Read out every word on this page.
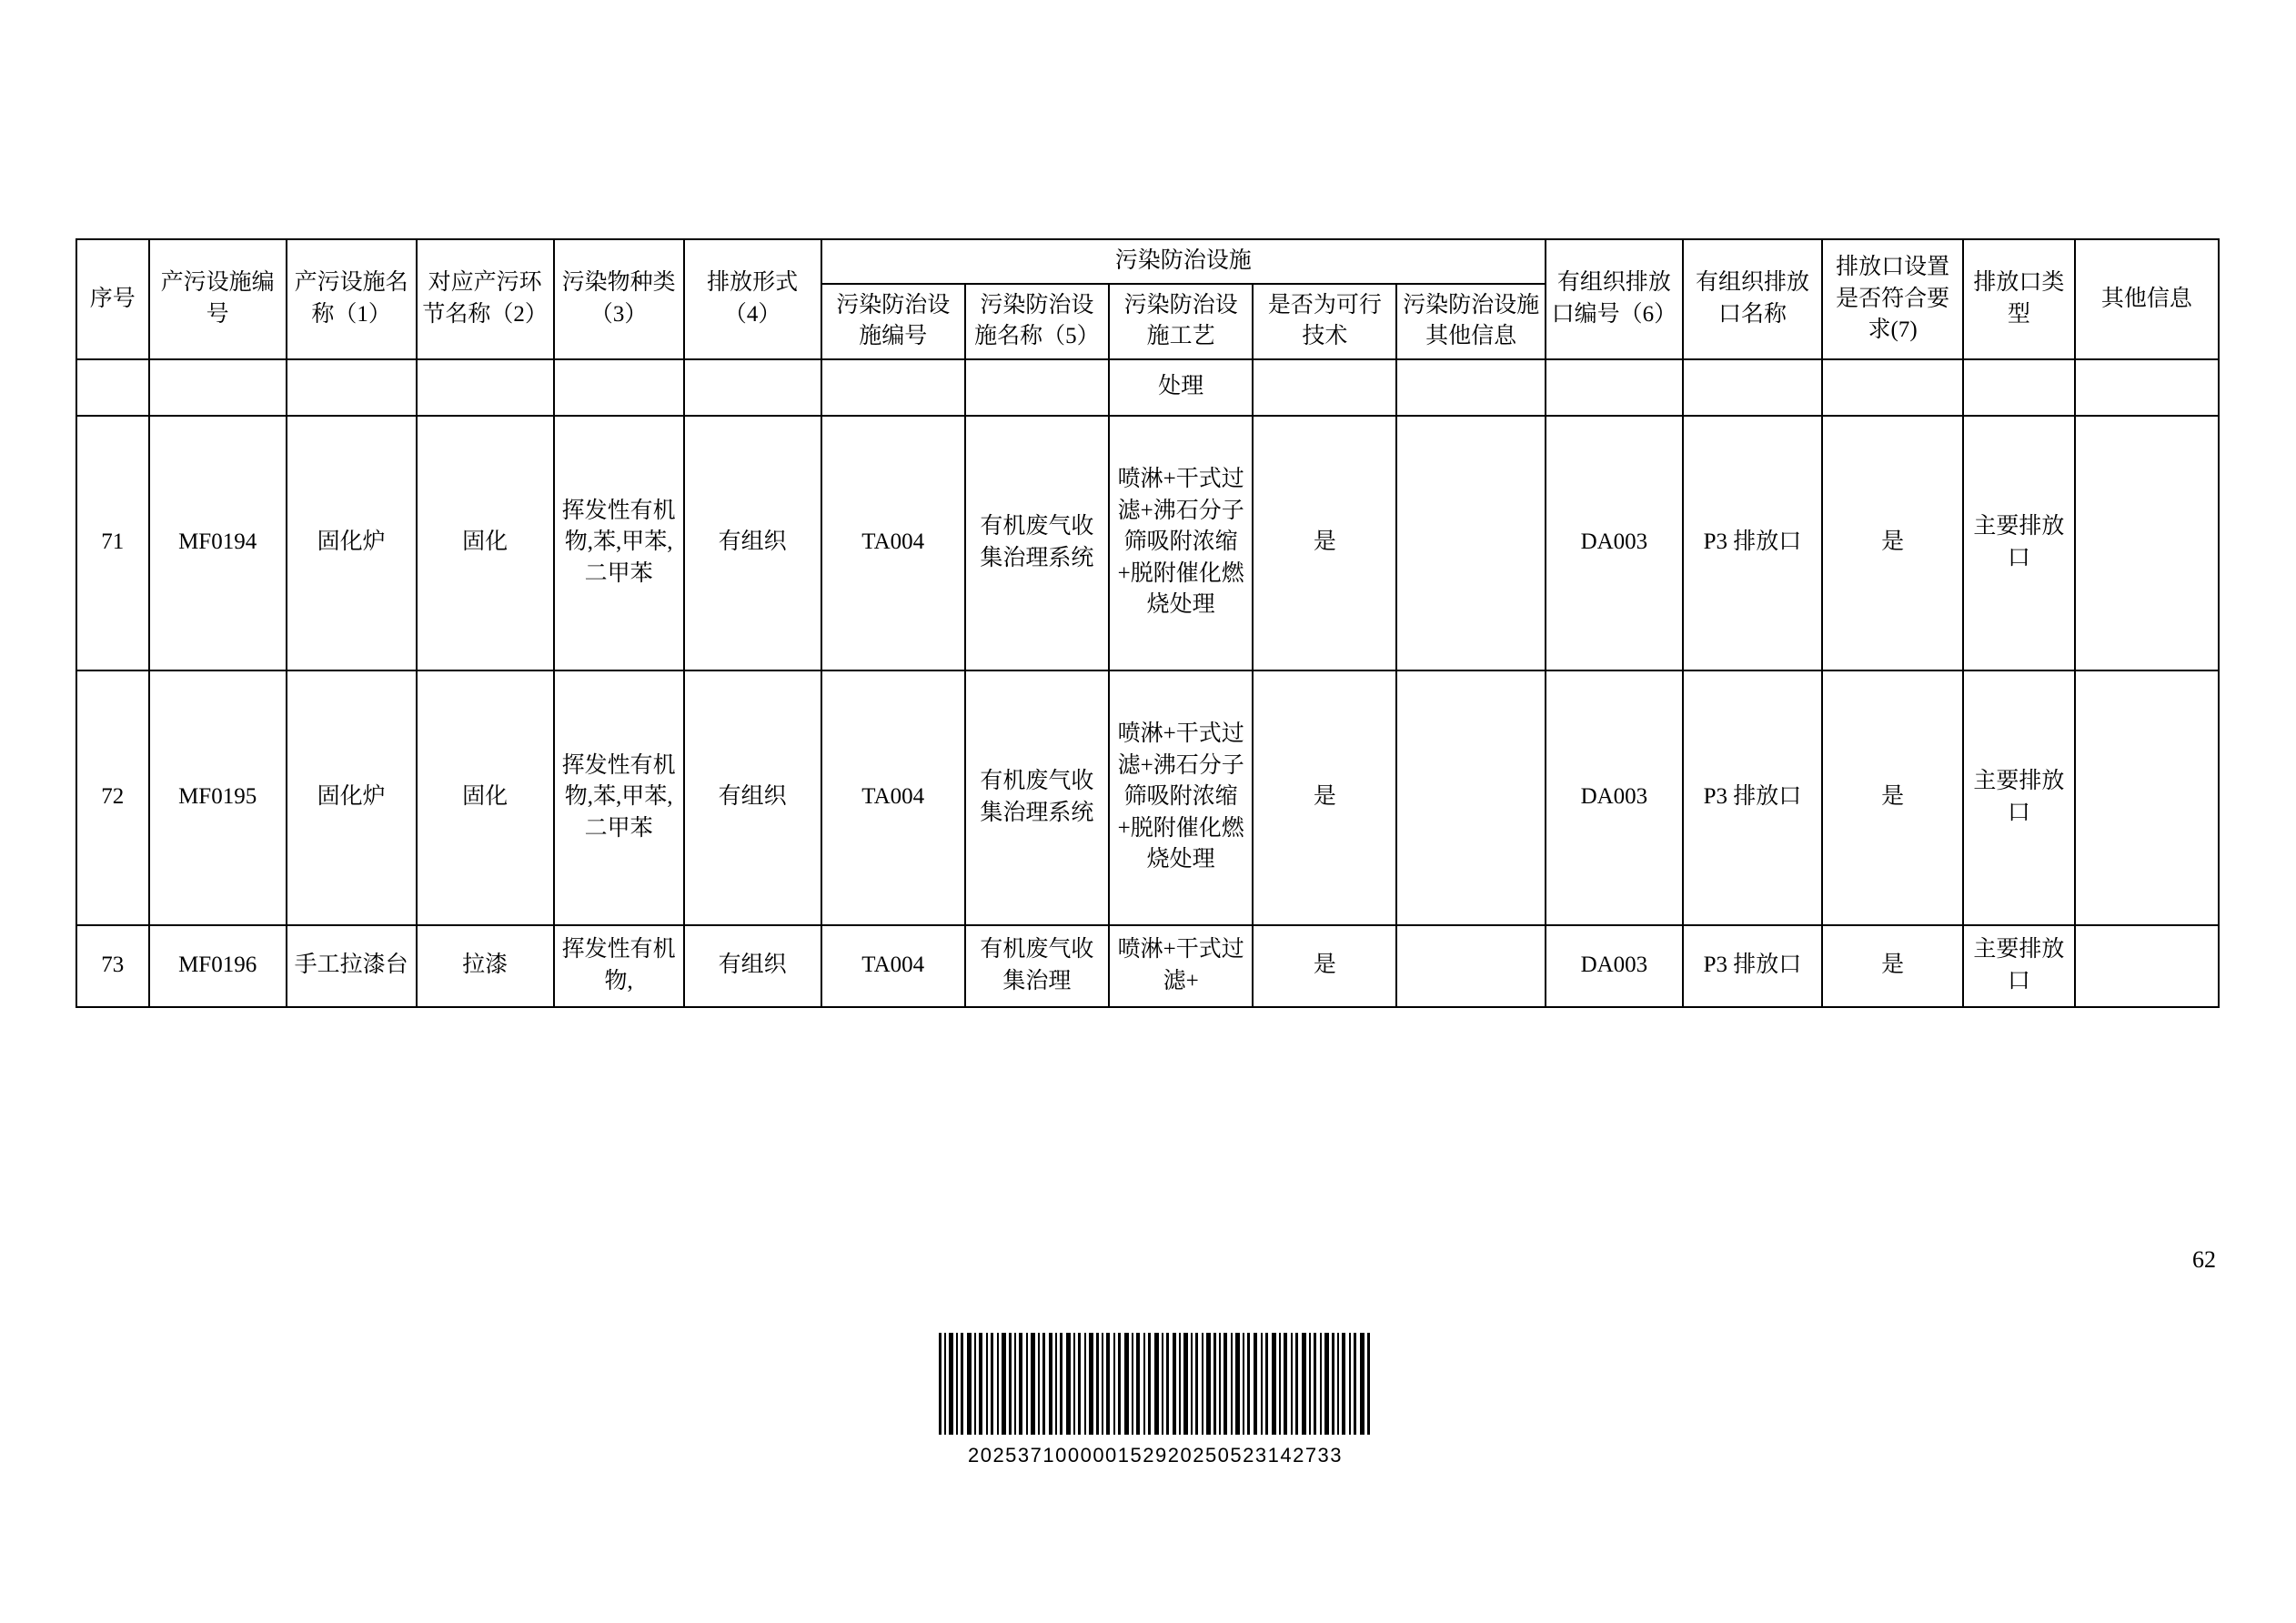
序号	产污设施编号	产污设施名称（1）	对应产污环节名称（2）	污染物种类（3）	排放形式（4）	污染防治设施					有组织排放口编号（6）	有组织排放口名称	排放口设置是否符合要求(7)	排放口类型	其他信息
						污染防治设施编号	污染防治设施名称（5）	污染防治设施工艺	是否为可行技术	污染防治设施其他信息					
								处理							
71	MF0194	固化炉	固化	挥发性有机物,苯,甲苯,二甲苯	有组织	TA004	有机废气收集治理系统	喷淋+干式过滤+沸石分子筛吸附浓缩+脱附催化燃烧处理	是		DA003	P3 排放口	是	主要排放口	
72	MF0195	固化炉	固化	挥发性有机物,苯,甲苯,二甲苯	有组织	TA004	有机废气收集治理系统	喷淋+干式过滤+沸石分子筛吸附浓缩+脱附催化燃烧处理	是		DA003	P3 排放口	是	主要排放口	
73	MF0196	手工拉漆台	拉漆	挥发性有机物,	有组织	TA004	有机废气收集治理	喷淋+干式过滤+	是		DA003	P3 排放口	是	主要排放口	
62
202537100000152920250523142733
